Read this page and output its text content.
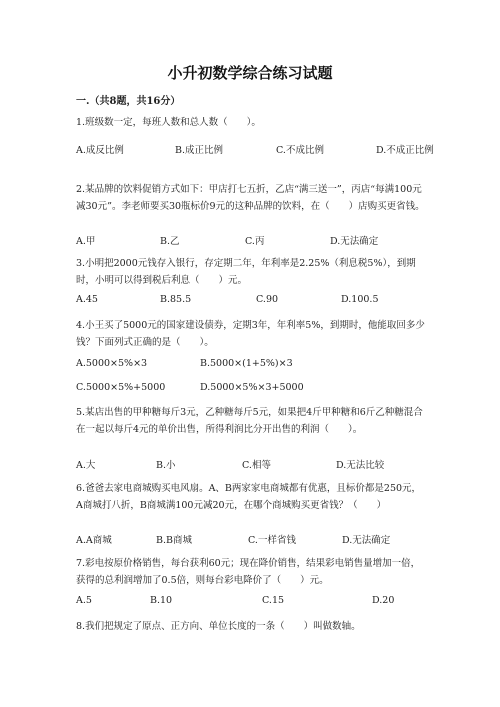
小升初数学综合练习试题
一.（共8题，共16分）
1.班级数一定，每班人数和总人数（　　）。
A.成反比例	B.成正比例	C.不成比例	D.不成正比例
2.某品牌的饮料促销方式如下：甲店打七五折，乙店“满三送一”，丙店“每满100元减30元”。李老师要买30瓶标价9元的这种品牌的饮料，在（　　）店购买更省钱。
A.甲	B.乙	C.丙	D.无法确定
3.小明把2000元钱存入银行，存定期二年，年利率是2.25%（利息税5%），到期时，小明可以得到税后利息（　　）元。
A.45	B.85.5	C.90	D.100.5
4.小王买了5000元的国家建设债券，定期3年，年利率5%，到期时，他能取回多少钱？下面列式正确的是（　　）。
A.5000×5%×3	B.5000×(1+5%)×3
C.5000×5%+5000	D.5000×5%×3+5000
5.某店出售的甲种糖每斤3元，乙种糖每斤5元，如果把4斤甲种糖和6斤乙种糖混合在一起以每斤4元的单价出售，所得利润比分开出售的利润（　　）。
A.大	B.小	C.相等	D.无法比较
6.爸爸去家电商城购买电风扇。A、B两家家电商城都有优惠，且标价都是250元，A商城打八折，B商城满100元减20元，在哪个商城购买更省钱？（　　）
A.A商城	B.B商城	C.一样省钱	D.无法确定
7.彩电按原价格销售，每台获利60元；现在降价销售，结果彩电销售量增加一倍，获得的总利润增加了0.5倍，则每台彩电降价了（　　）元。
A.5	B.10	C.15	D.20
8.我们把规定了原点、正方向、单位长度的一条（　　）叫做数轴。
